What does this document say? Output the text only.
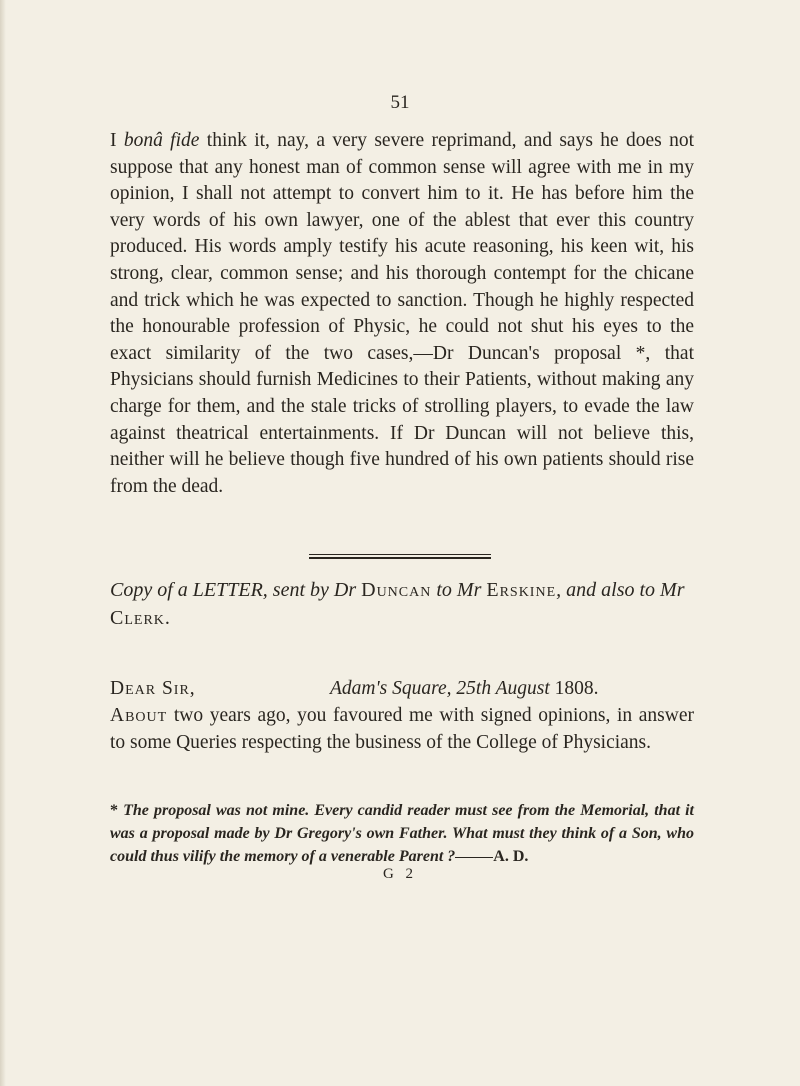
51

I bonâ fide think it, nay, a very severe reprimand, and says he does not suppose that any honest man of common sense will agree with me in my opinion, I shall not attempt to convert him to it. He has before him the very words of his own lawyer, one of the ablest that ever this country produced. His words amply testify his acute reasoning, his keen wit, his strong, clear, common sense; and his thorough contempt for the chicane and trick which he was expected to sanction. Though he highly respected the honourable profession of Physic, he could not shut his eyes to the exact similarity of the two cases,—Dr Duncan's proposal *, that Physicians should furnish Medicines to their Patients, without making any charge for them, and the stale tricks of strolling players, to evade the law against theatrical entertainments. If Dr Duncan will not believe this, neither will he believe though five hundred of his own patients should rise from the dead.

Copy of a LETTER, sent by Dr Duncan to Mr Erskine, and also to Mr Clerk.

Dear Sir,	Adam's Square, 25th August 1808.

About two years ago, you favoured me with signed opinions, in answer to some Queries respecting the business of the College of Physicians.

* The proposal was not mine. Every candid reader must see from the Memorial, that it was a proposal made by Dr Gregory's own Father. What must they think of a Son, who could thus vilify the memory of a venerable Parent ? A. D.

G 2
